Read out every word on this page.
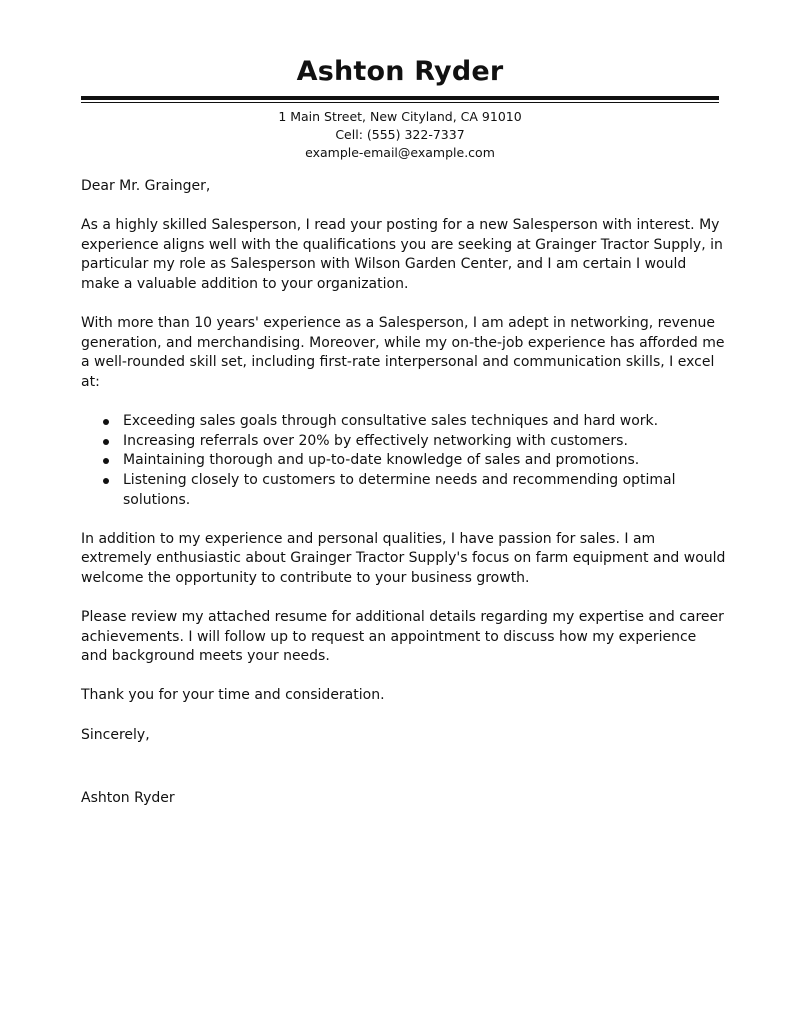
Ashton Ryder
1 Main Street, New Cityland, CA 91010
Cell: (555) 322-7337
example-email@example.com

Dear Mr. Grainger,

As a highly skilled Salesperson, I read your posting for a new Salesperson with interest. My experience aligns well with the qualifications you are seeking at Grainger Tractor Supply, in particular my role as Salesperson with Wilson Garden Center, and I am certain I would make a valuable addition to your organization.

With more than 10 years' experience as a Salesperson, I am adept in networking, revenue generation, and merchandising. Moreover, while my on-the-job experience has afforded me a well-rounded skill set, including first-rate interpersonal and communication skills, I excel at:

Exceeding sales goals through consultative sales techniques and hard work.
Increasing referrals over 20% by effectively networking with customers.
Maintaining thorough and up-to-date knowledge of sales and promotions.
Listening closely to customers to determine needs and recommending optimal solutions.

In addition to my experience and personal qualities, I have passion for sales. I am extremely enthusiastic about Grainger Tractor Supply's focus on farm equipment and would welcome the opportunity to contribute to your business growth.

Please review my attached resume for additional details regarding my expertise and career achievements. I will follow up to request an appointment to discuss how my experience and background meets your needs.

Thank you for your time and consideration.

Sincerely,

Ashton Ryder
